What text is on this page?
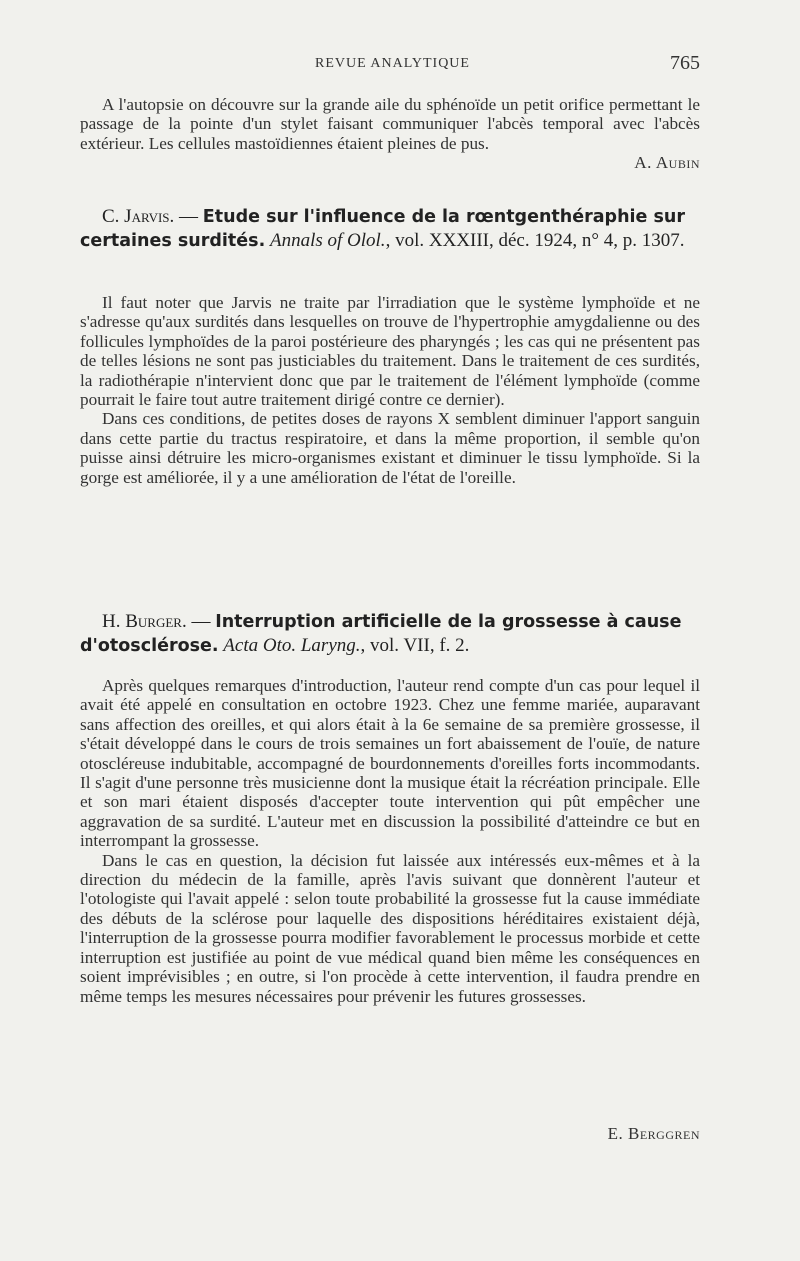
REVUE ANALYTIQUE	765

A l'autopsie on découvre sur la grande aile du sphénoïde un petit orifice permettant le passage de la pointe d'un stylet faisant communiquer l'abcès temporal avec l'abcès extérieur. Les cellules mastoïdiennes étaient pleines de pus.

A. Aubin
C. Jarvis. — Etude sur l'influence de la rœntgenthéraphie sur certaines surdités. Annals of Olol., vol. XXXIII, déc. 1924, n° 4, p. 1307.

Il faut noter que Jarvis ne traite par l'irradiation que le système lymphoïde et ne s'adresse qu'aux surdités dans lesquelles on trouve de l'hypertrophie amygdalienne ou des follicules lymphoïdes de la paroi postérieure des pharyngés ; les cas qui ne présentent pas de telles lésions ne sont pas justiciables du traitement. Dans le traitement de ces surdités, la radiothérapie n'intervient donc que par le traitement de l'élément lymphoïde (comme pourrait le faire tout autre traitement dirigé contre ce dernier).

Dans ces conditions, de petites doses de rayons X semblent diminuer l'apport sanguin dans cette partie du tractus respiratoire, et dans la même proportion, il semble qu'on puisse ainsi détruire les micro-organismes existant et diminuer le tissu lymphoïde. Si la gorge est améliorée, il y a une amélioration de l'état de l'oreille.

H. Burger. — Interruption artificielle de la grossesse à cause d'otosclérose. Acta Oto. Laryng., vol. VII, f. 2.

Après quelques remarques d'introduction, l'auteur rend compte d'un cas pour lequel il avait été appelé en consultation en octobre 1923. Chez une femme mariée, auparavant sans affection des oreilles, et qui alors était à la 6e semaine de sa première grossesse, il s'était développé dans le cours de trois semaines un fort abaissement de l'ouïe, de nature otoscléreuse indubitable, accompagné de bourdonnements d'oreilles forts incommodants. Il s'agit d'une personne très musicienne dont la musique était la récréation principale. Elle et son mari étaient disposés d'accepter toute intervention qui pût empêcher une aggravation de sa surdité. L'auteur met en discussion la possibilité d'atteindre ce but en interrompant la grossesse.

Dans le cas en question, la décision fut laissée aux intéressés eux-mêmes et à la direction du médecin de la famille, après l'avis suivant que donnèrent l'auteur et l'otologiste qui l'avait appelé : selon toute probabilité la grossesse fut la cause immédiate des débuts de la sclérose pour laquelle des dispositions héréditaires existaient déjà, l'interruption de la grossesse pourra modifier favorablement le processus morbide et cette interruption est justifiée au point de vue médical quand bien même les conséquences en soient imprévisibles ; en outre, si l'on procède à cette intervention, il faudra prendre en même temps les mesures nécessaires pour prévenir les futures grossesses.

E. Berggren
